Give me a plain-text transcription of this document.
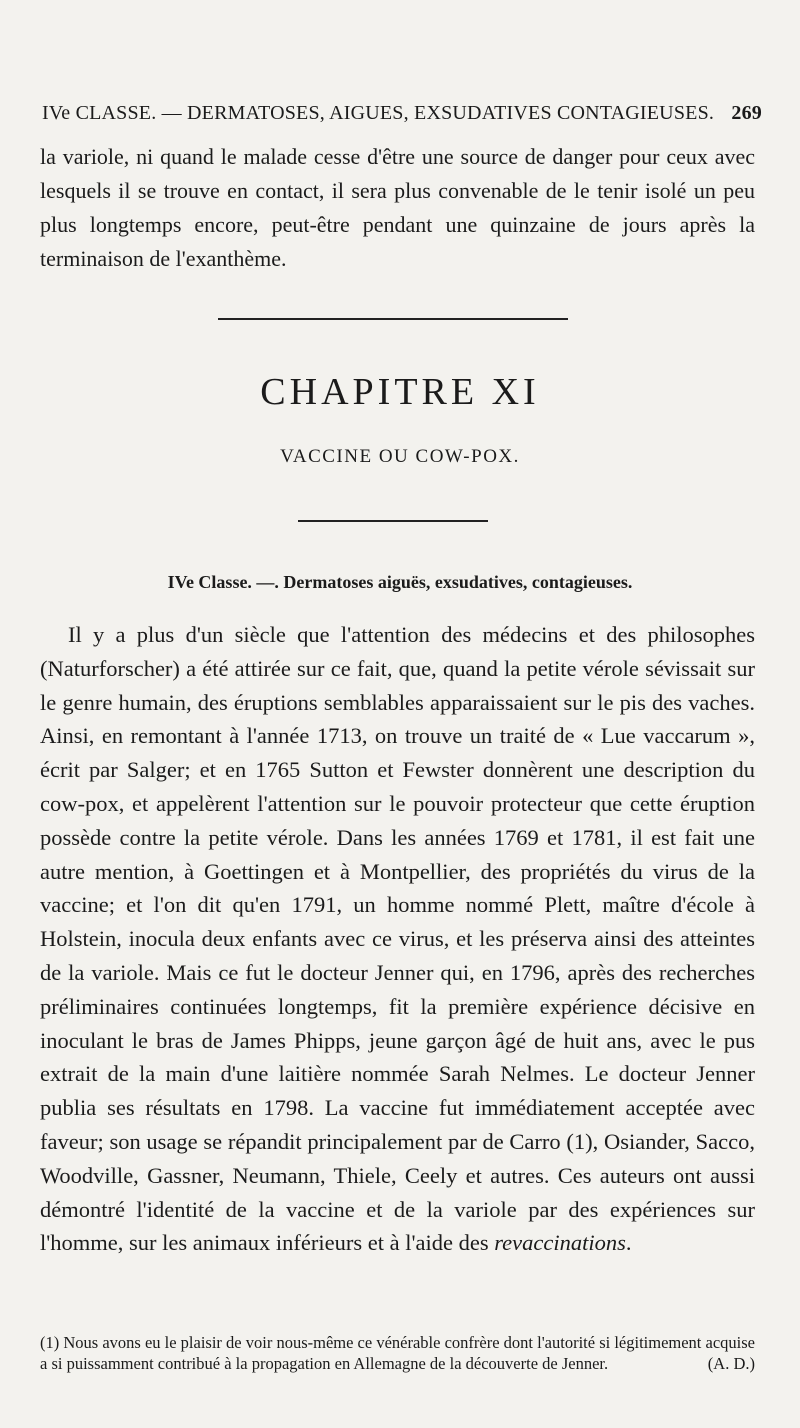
IVe CLASSE. — DERMATOSES, AIGUES, EXSUDATIVES CONTAGIEUSES. 269
la variole, ni quand le malade cesse d'être une source de danger pour ceux avec lesquels il se trouve en contact, il sera plus convenable de le tenir isolé un peu plus longtemps encore, peut-être pendant une quinzaine de jours après la terminaison de l'exanthème.
CHAPITRE XI
VACCINE OU COW-POX.
IVe Classe. —. Dermatoses aiguës, exsudatives, contagieuses.

Il y a plus d'un siècle que l'attention des médecins et des philosophes (Naturforscher) a été attirée sur ce fait, que, quand la petite vérole sévissait sur le genre humain, des éruptions semblables apparaissaient sur le pis des vaches. Ainsi, en remontant à l'année 1713, on trouve un traité de « Lue vaccarum », écrit par Salger; et en 1765 Sutton et Fewster donnèrent une description du cow-pox, et appelèrent l'attention sur le pouvoir protecteur que cette éruption possède contre la petite vérole. Dans les années 1769 et 1781, il est fait une autre mention, à Goettingen et à Montpellier, des propriétés du virus de la vaccine; et l'on dit qu'en 1791, un homme nommé Plett, maître d'école à Holstein, inocula deux enfants avec ce virus, et les préserva ainsi des atteintes de la variole. Mais ce fut le docteur Jenner qui, en 1796, après des recherches préliminaires continuées longtemps, fit la première expérience décisive en inoculant le bras de James Phipps, jeune garçon âgé de huit ans, avec le pus extrait de la main d'une laitière nommée Sarah Nelmes. Le docteur Jenner publia ses résultats en 1798. La vaccine fut immédiatement acceptée avec faveur; son usage se répandit principalement par de Carro (1), Osiander, Sacco, Woodville, Gassner, Neumann, Thiele, Ceely et autres. Ces auteurs ont aussi démontré l'identité de la vaccine et de la variole par des expériences sur l'homme, sur les animaux inférieurs et à l'aide des revaccinations.

(1) Nous avons eu le plaisir de voir nous-même ce vénérable confrère dont l'autorité si légitimement acquise a si puissamment contribué à la propagation en Allemagne de la découverte de Jenner.	(A. D.)
